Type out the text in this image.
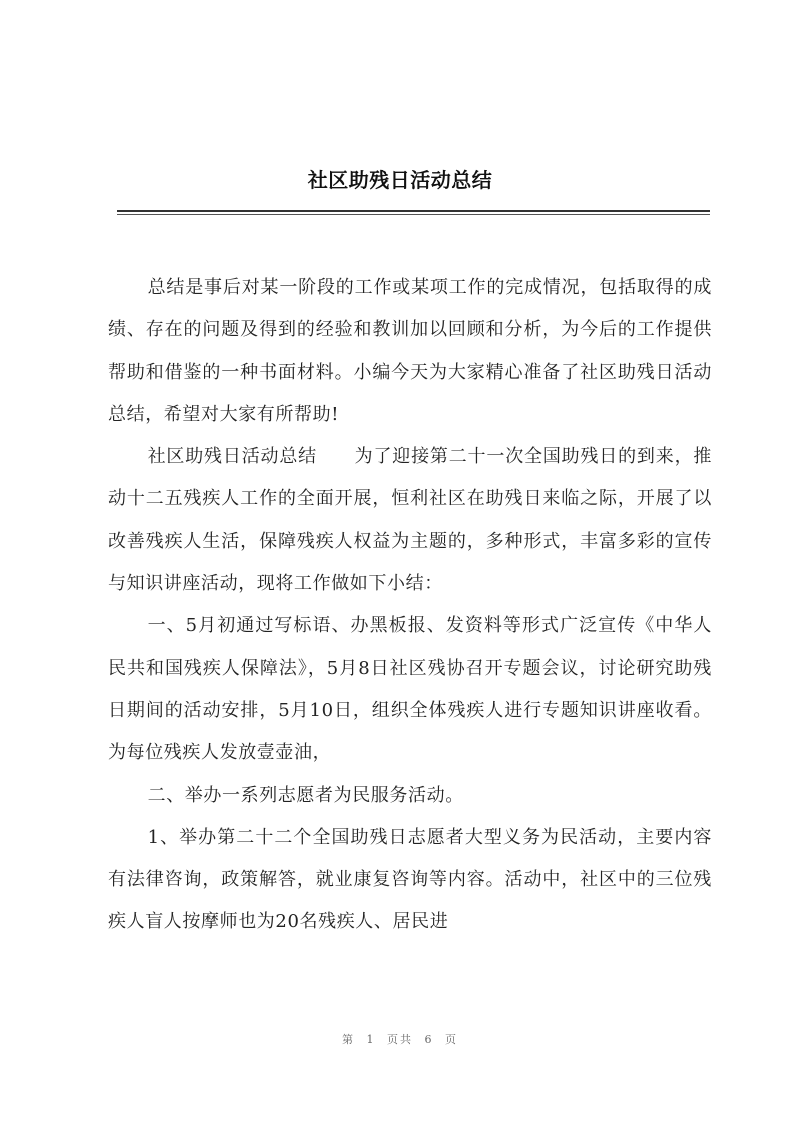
社区助残日活动总结

总结是事后对某一阶段的工作或某项工作的完成情况，包括取得的成绩、存在的问题及得到的经验和教训加以回顾和分析，为今后的工作提供帮助和借鉴的一种书面材料。小编今天为大家精心准备了社区助残日活动总结，希望对大家有所帮助!

社区助残日活动总结　　为了迎接第二十一次全国助残日的到来，推动十二五残疾人工作的全面开展，恒利社区在助残日来临之际，开展了以改善残疾人生活，保障残疾人权益为主题的，多种形式，丰富多彩的宣传与知识讲座活动，现将工作做如下小结：

一、5月初通过写标语、办黑板报、发资料等形式广泛宣传《中华人民共和国残疾人保障法》，5月8日社区残协召开专题会议，讨论研究助残日期间的活动安排，5月10日，组织全体残疾人进行专题知识讲座收看。为每位残疾人发放壹壶油，

二、举办一系列志愿者为民服务活动。

1、举办第二十二个全国助残日志愿者大型义务为民活动，主要内容有法律咨询，政策解答，就业康复咨询等内容。活动中，社区中的三位残疾人盲人按摩师也为20名残疾人、居民进

第 1 页共 6 页
